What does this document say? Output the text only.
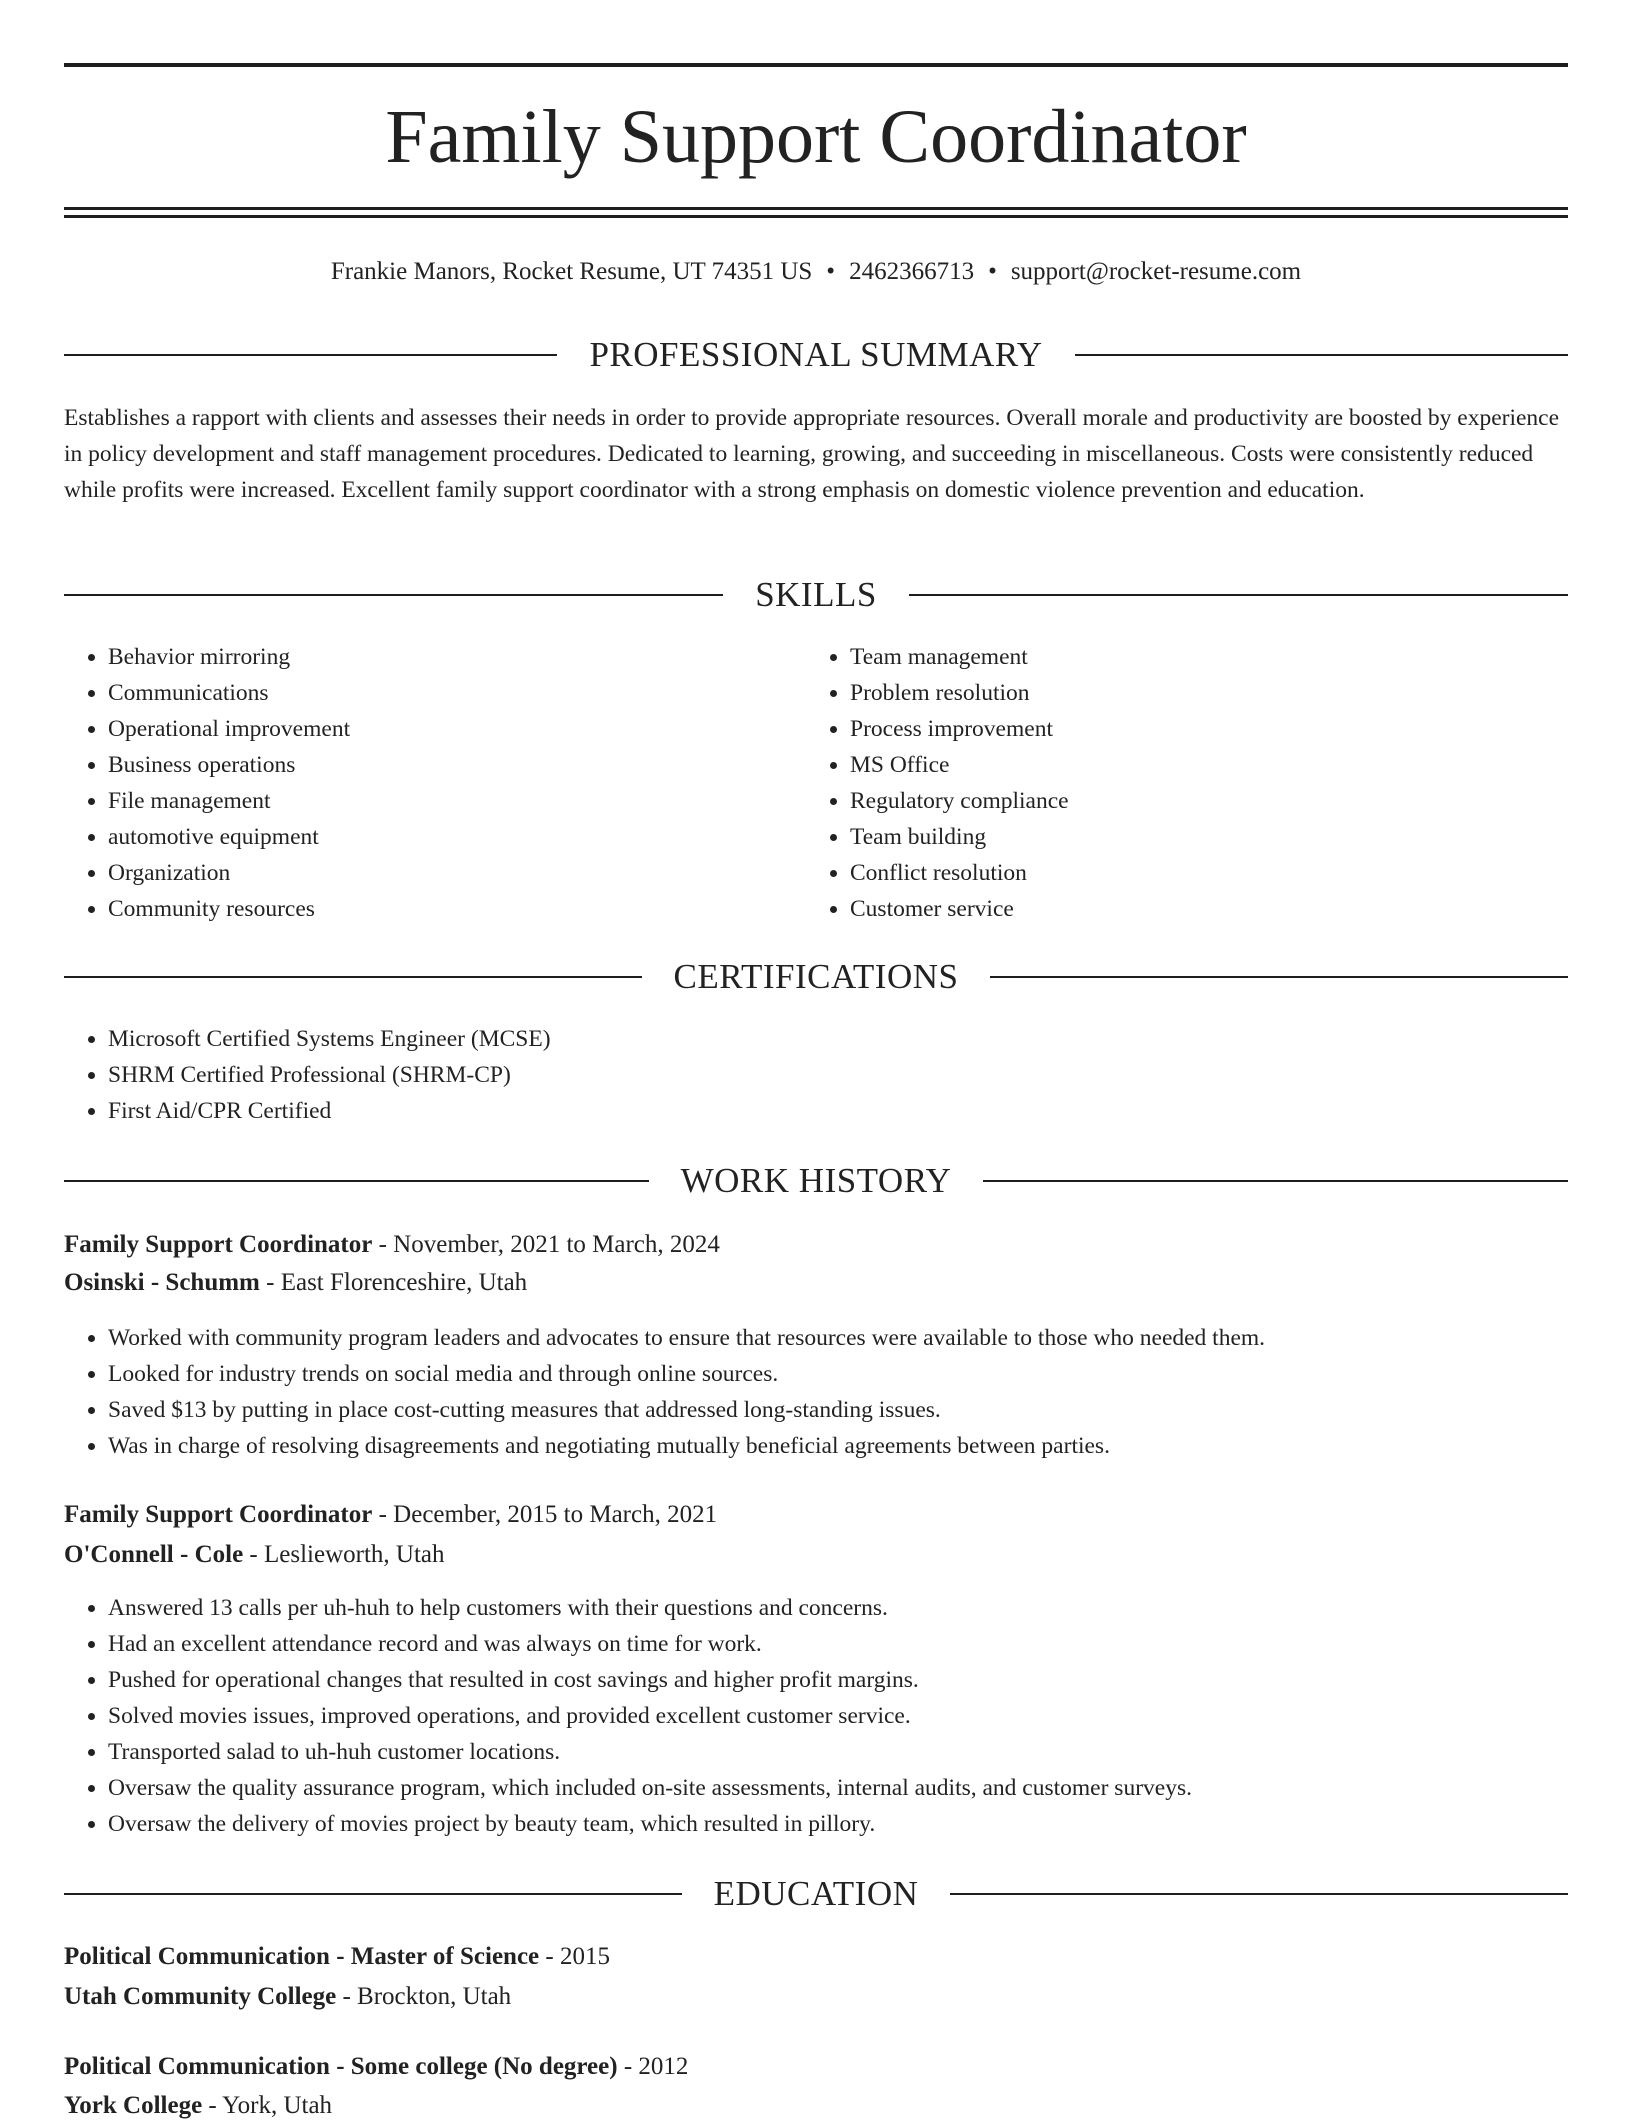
Family Support Coordinator
Frankie Manors, Rocket Resume, UT 74351 US • 2462366713 • support@rocket-resume.com
PROFESSIONAL SUMMARY
Establishes a rapport with clients and assesses their needs in order to provide appropriate resources. Overall morale and productivity are boosted by experience in policy development and staff management procedures. Dedicated to learning, growing, and succeeding in miscellaneous. Costs were consistently reduced while profits were increased. Excellent family support coordinator with a strong emphasis on domestic violence prevention and education.
SKILLS
• Behavior mirroring
• Communications
• Operational improvement
• Business operations
• File management
• automotive equipment
• Organization
• Community resources
• Team management
• Problem resolution
• Process improvement
• MS Office
• Regulatory compliance
• Team building
• Conflict resolution
• Customer service
CERTIFICATIONS
• Microsoft Certified Systems Engineer (MCSE)
• SHRM Certified Professional (SHRM-CP)
• First Aid/CPR Certified
WORK HISTORY
Family Support Coordinator - November, 2021 to March, 2024
Osinski - Schumm - East Florenceshire, Utah
• Worked with community program leaders and advocates to ensure that resources were available to those who needed them.
• Looked for industry trends on social media and through online sources.
• Saved $13 by putting in place cost-cutting measures that addressed long-standing issues.
• Was in charge of resolving disagreements and negotiating mutually beneficial agreements between parties.
Family Support Coordinator - December, 2015 to March, 2021
O'Connell - Cole - Leslieworth, Utah
• Answered 13 calls per uh-huh to help customers with their questions and concerns.
• Had an excellent attendance record and was always on time for work.
• Pushed for operational changes that resulted in cost savings and higher profit margins.
• Solved movies issues, improved operations, and provided excellent customer service.
• Transported salad to uh-huh customer locations.
• Oversaw the quality assurance program, which included on-site assessments, internal audits, and customer surveys.
• Oversaw the delivery of movies project by beauty team, which resulted in pillory.
EDUCATION
Political Communication - Master of Science - 2015
Utah Community College - Brockton, Utah
Political Communication - Some college (No degree) - 2012
York College - York, Utah
